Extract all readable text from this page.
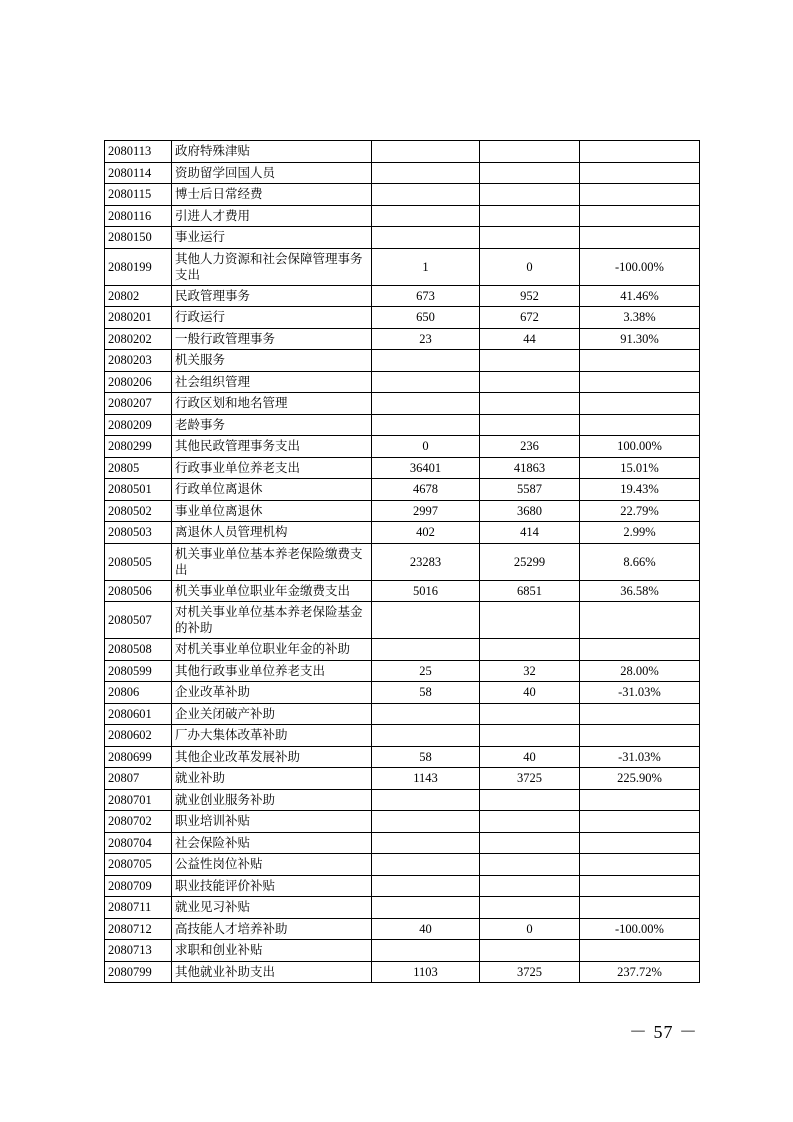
2080113	政府特殊津贴			
2080114	资助留学回国人员			
2080115	博士后日常经费			
2080116	引进人才费用			
2080150	事业运行			
2080199	其他人力资源和社会保障管理事务支出	1	0	-100.00%
20802	民政管理事务	673	952	41.46%
2080201	行政运行	650	672	3.38%
2080202	一般行政管理事务	23	44	91.30%
2080203	机关服务			
2080206	社会组织管理			
2080207	行政区划和地名管理			
2080209	老龄事务			
2080299	其他民政管理事务支出	0	236	100.00%
20805	行政事业单位养老支出	36401	41863	15.01%
2080501	行政单位离退休	4678	5587	19.43%
2080502	事业单位离退休	2997	3680	22.79%
2080503	离退休人员管理机构	402	414	2.99%
2080505	机关事业单位基本养老保险缴费支出	23283	25299	8.66%
2080506	机关事业单位职业年金缴费支出	5016	6851	36.58%
2080507	对机关事业单位基本养老保险基金的补助			
2080508	对机关事业单位职业年金的补助			
2080599	其他行政事业单位养老支出	25	32	28.00%
20806	企业改革补助	58	40	-31.03%
2080601	企业关闭破产补助			
2080602	厂办大集体改革补助			
2080699	其他企业改革发展补助	58	40	-31.03%
20807	就业补助	1143	3725	225.90%
2080701	就业创业服务补助			
2080702	职业培训补贴			
2080704	社会保险补贴			
2080705	公益性岗位补贴			
2080709	职业技能评价补贴			
2080711	就业见习补贴			
2080712	高技能人才培养补助	40	0	-100.00%
2080713	求职和创业补贴			
2080799	其他就业补助支出	1103	3725	237.72%
－ 57 －
